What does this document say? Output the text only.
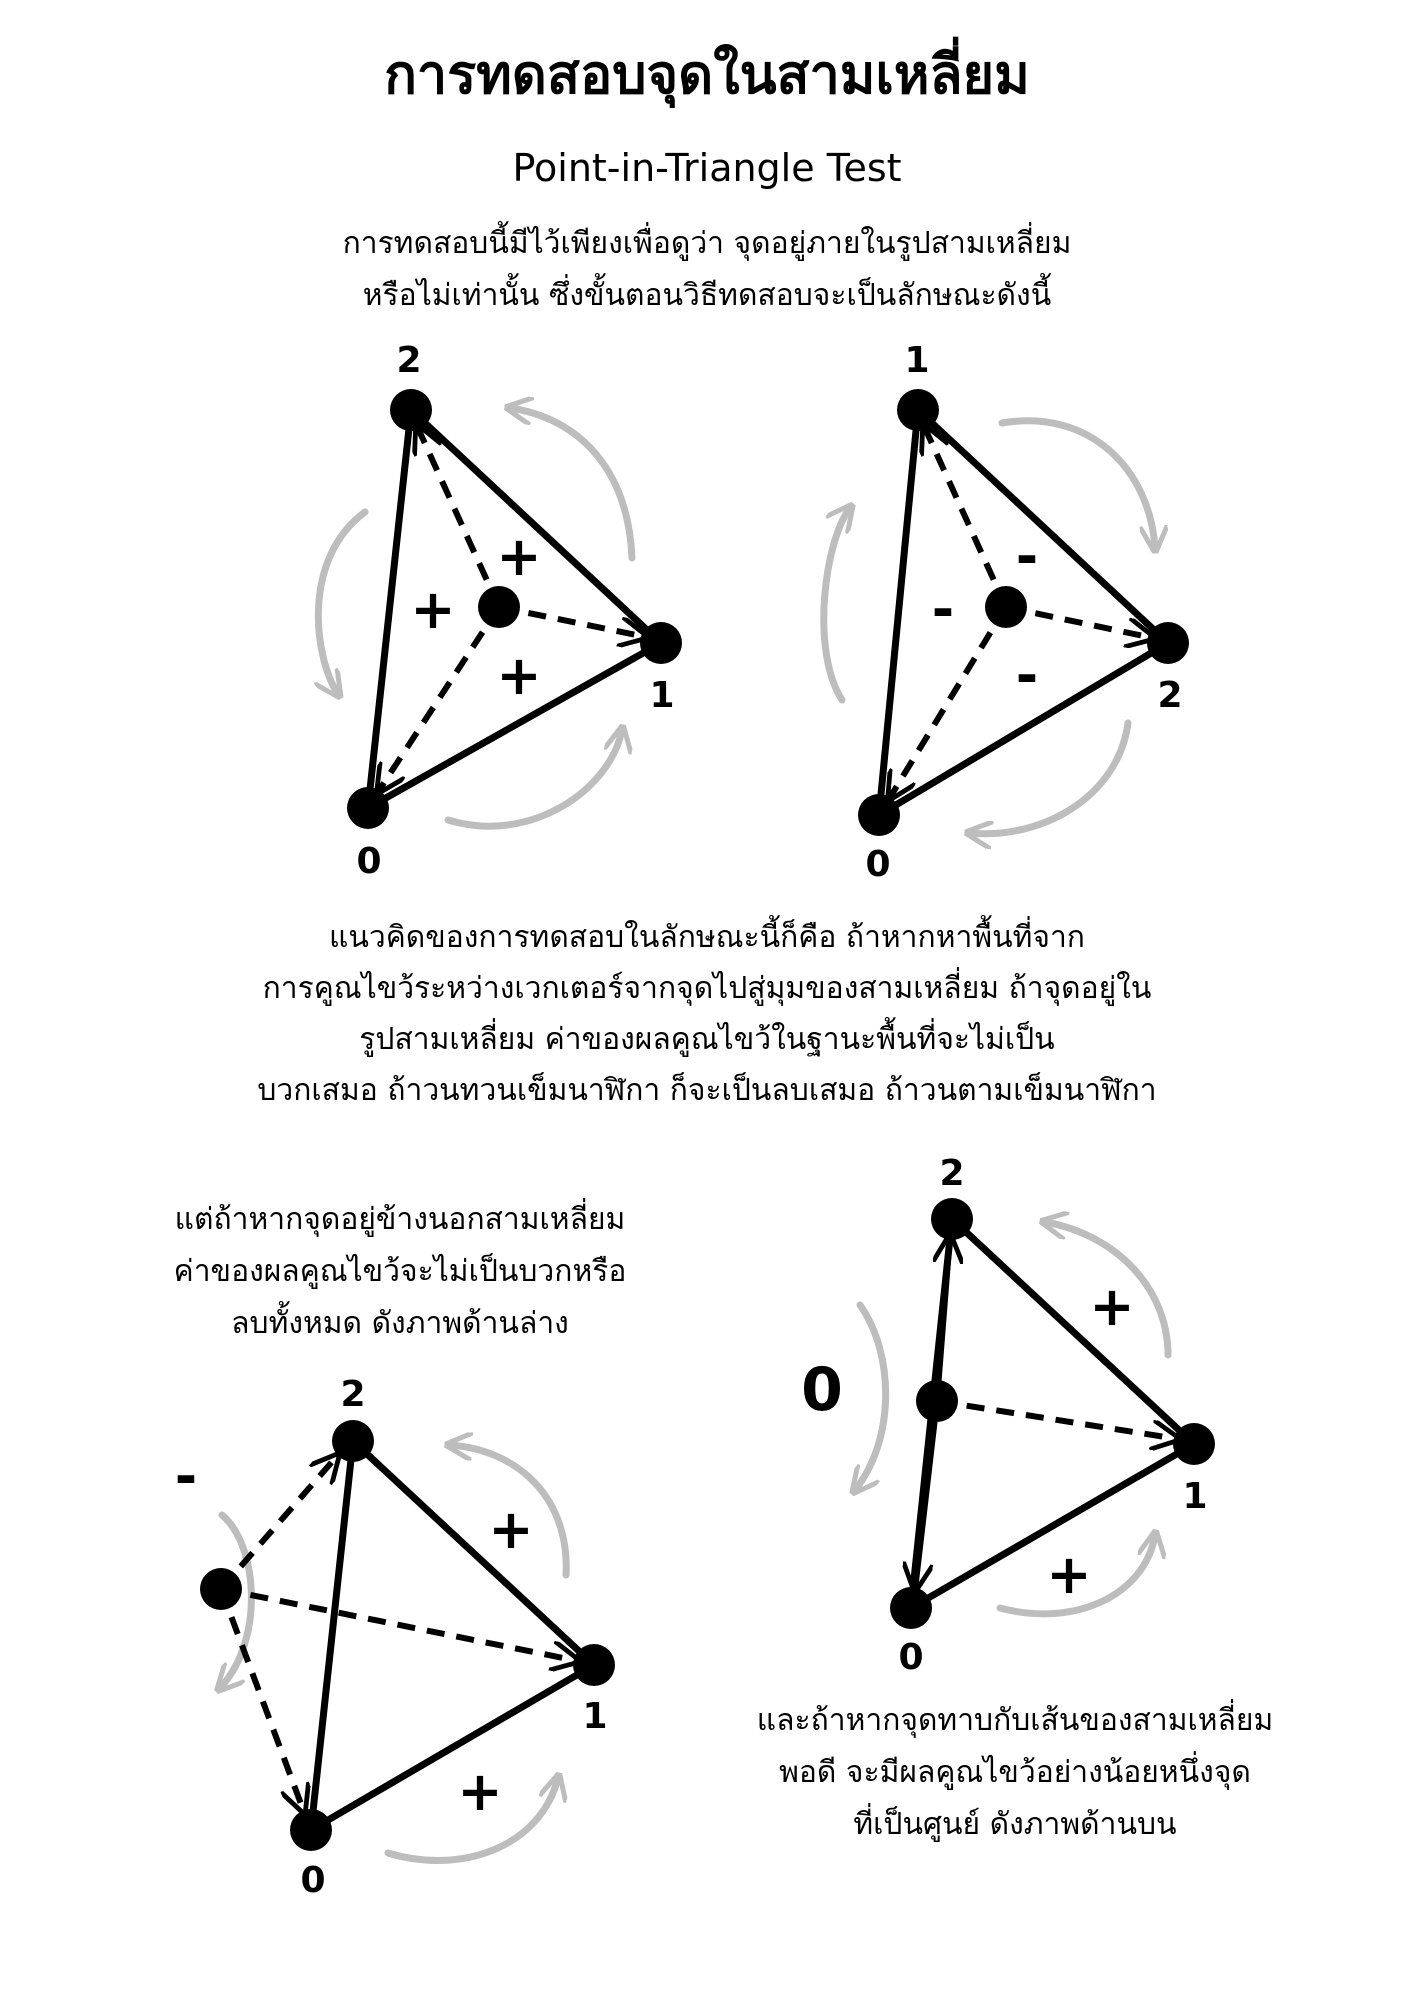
การทดสอบจุดในสามเหลี่ยม
Point-in-Triangle Test
การทดสอบนี้มีไว้เพียงเพื่อดูว่า จุดอยู่ภายในรูปสามเหลี่ยม
หรือไม่เท่านั้น ซึ่งขั้นตอนวิธีทดสอบจะเป็นลักษณะดังนี้
แนวคิดของการทดสอบในลักษณะนี้ก็คือ ถ้าหากหาพื้นที่จาก
การคูณไขว้ระหว่างเวกเตอร์จากจุดไปสู่มุมของสามเหลี่ยม ถ้าจุดอยู่ใน
รูปสามเหลี่ยม ค่าของผลคูณไขว้ในฐานะพื้นที่จะไม่เป็น
บวกเสมอ ถ้าวนทวนเข็มนาฬิกา ก็จะเป็นลบเสมอ ถ้าวนตามเข็มนาฬิกา
แต่ถ้าหากจุดอยู่ข้างนอกสามเหลี่ยม
ค่าของผลคูณไขว้จะไม่เป็นบวกหรือ
ลบทั้งหมด ดังภาพด้านล่าง
และถ้าหากจุดทาบกับเส้นของสามเหลี่ยม
พอดี จะมีผลคูณไขว้อย่างน้อยหนึ่งจุด
ที่เป็นศูนย์ ดังภาพด้านบน
2
1
0
+
+
+
1
2
0
-
-
-
2
1
0
-
+
+
2
1
0
0
+
+
